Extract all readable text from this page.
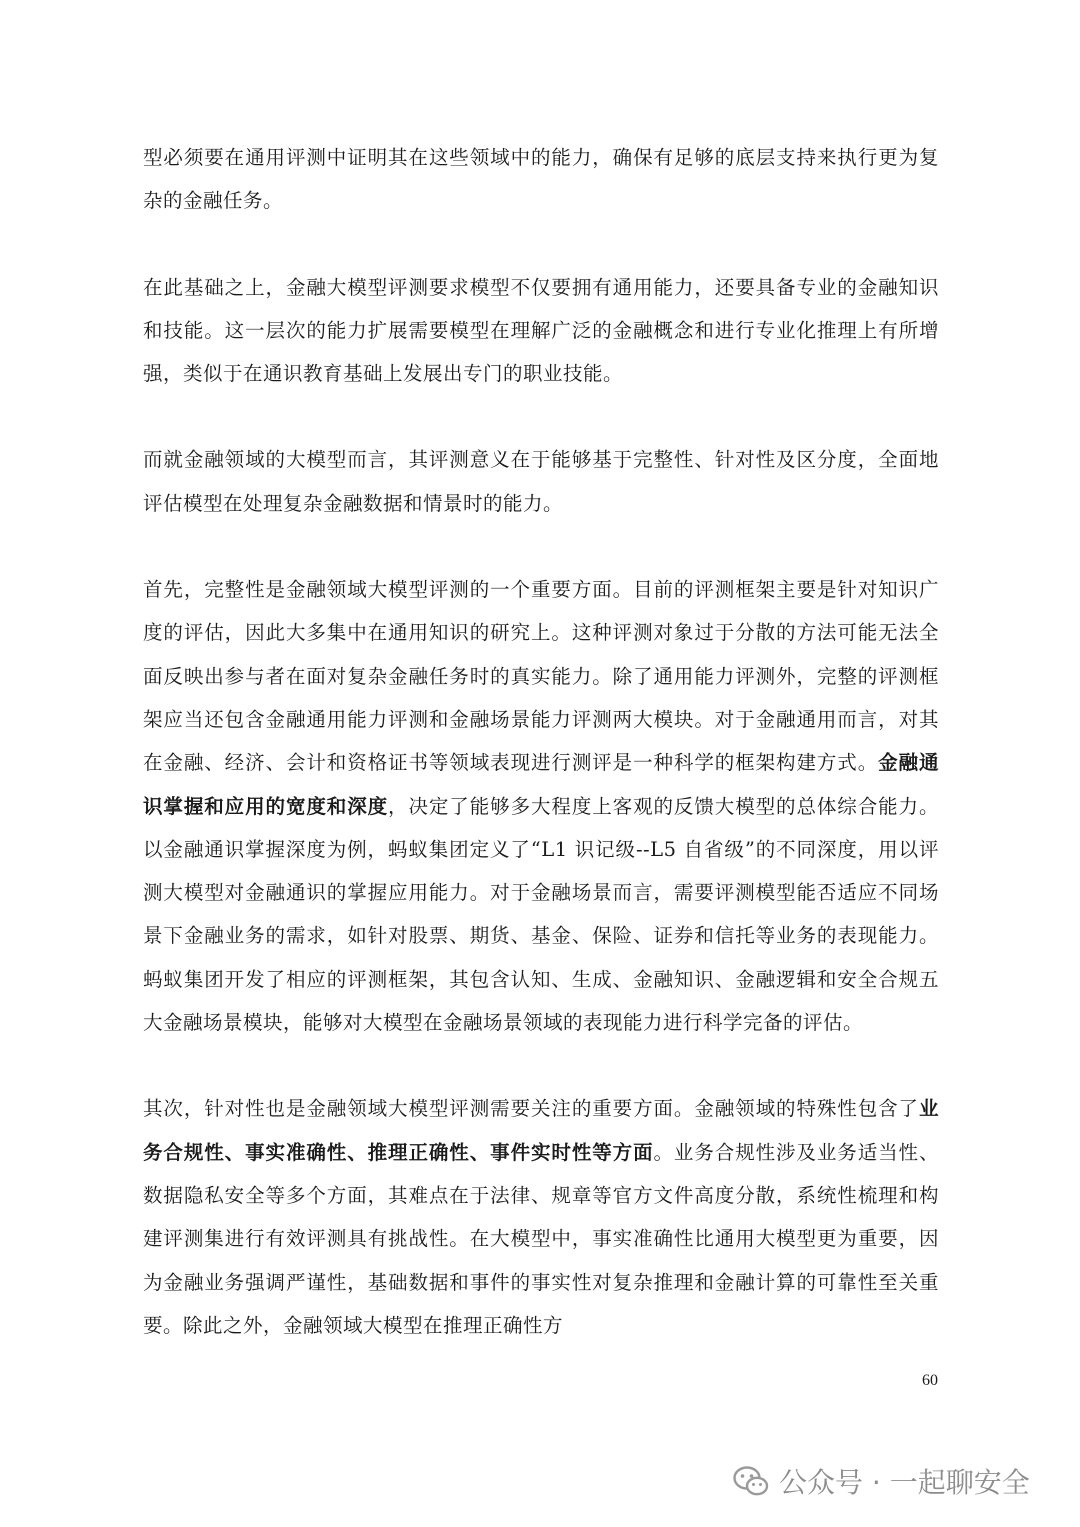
型必须要在通用评测中证明其在这些领域中的能力，确保有足够的底层支持来执行更为复杂的金融任务。

在此基础之上，金融大模型评测要求模型不仅要拥有通用能力，还要具备专业的金融知识和技能。这一层次的能力扩展需要模型在理解广泛的金融概念和进行专业化推理上有所增强，类似于在通识教育基础上发展出专门的职业技能。

而就金融领域的大模型而言，其评测意义在于能够基于完整性、针对性及区分度，全面地评估模型在处理复杂金融数据和情景时的能力。

首先，完整性是金融领域大模型评测的一个重要方面。目前的评测框架主要是针对知识广度的评估，因此大多集中在通用知识的研究上。这种评测对象过于分散的方法可能无法全面反映出参与者在面对复杂金融任务时的真实能力。除了通用能力评测外，完整的评测框架应当还包含金融通用能力评测和金融场景能力评测两大模块。对于金融通用而言，对其在金融、经济、会计和资格证书等领域表现进行测评是一种科学的框架构建方式。金融通识掌握和应用的宽度和深度，决定了能够多大程度上客观的反馈大模型的总体综合能力。以金融通识掌握深度为例，蚂蚁集团定义了“L1 识记级--L5 自省级”的不同深度，用以评测大模型对金融通识的掌握应用能力。对于金融场景而言，需要评测模型能否适应不同场景下金融业务的需求，如针对股票、期货、基金、保险、证券和信托等业务的表现能力。蚂蚁集团开发了相应的评测框架，其包含认知、生成、金融知识、金融逻辑和安全合规五大金融场景模块，能够对大模型在金融场景领域的表现能力进行科学完备的评估。

其次，针对性也是金融领域大模型评测需要关注的重要方面。金融领域的特殊性包含了业务合规性、事实准确性、推理正确性、事件实时性等方面。业务合规性涉及业务适当性、数据隐私安全等多个方面，其难点在于法律、规章等官方文件高度分散，系统性梳理和构建评测集进行有效评测具有挑战性。在大模型中，事实准确性比通用大模型更为重要，因为金融业务强调严谨性，基础数据和事件的事实性对复杂推理和金融计算的可靠性至关重要。除此之外，金融领域大模型在推理正确性方

60
公众号 · 一起聊安全
